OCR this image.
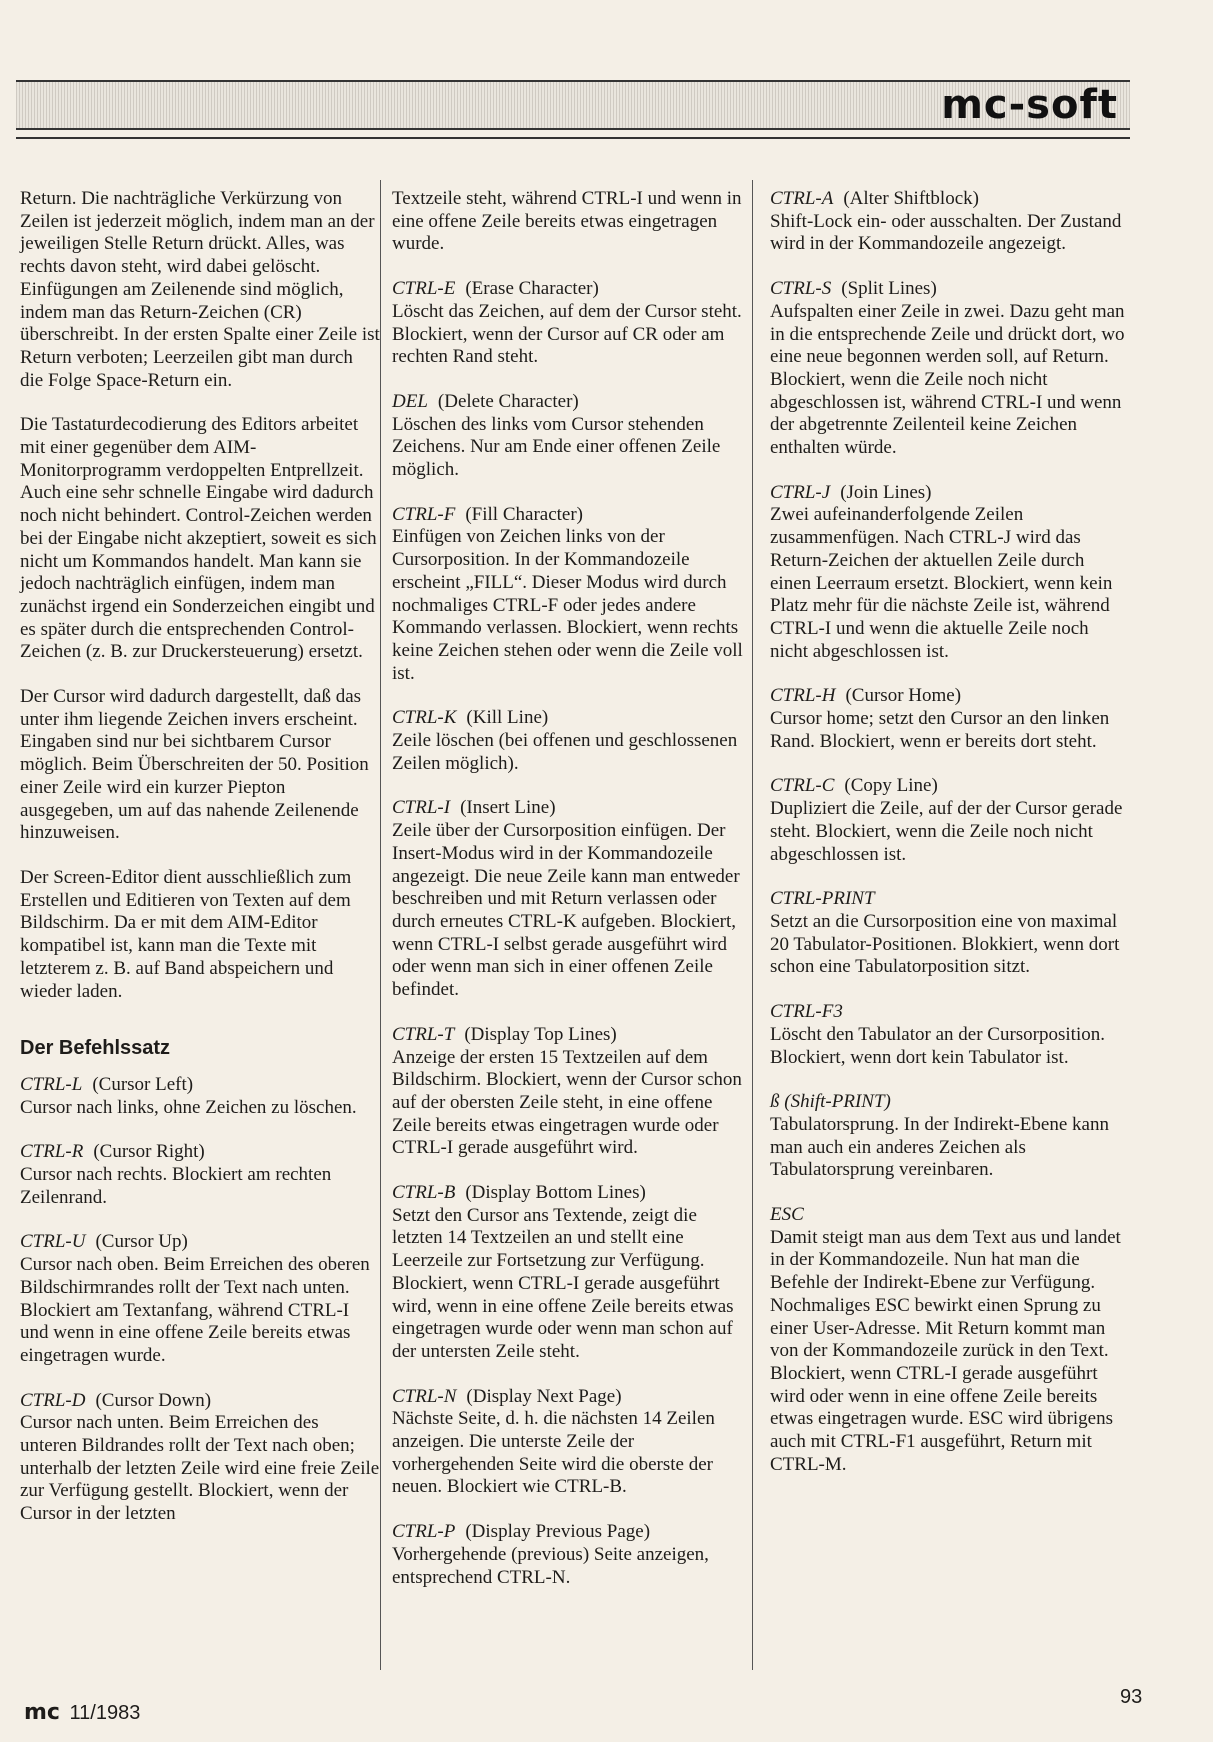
mc-soft

Return. Die nachträgliche Verkürzung von Zeilen ist jederzeit möglich, indem man an der jeweiligen Stelle Return drückt. Alles, was rechts davon steht, wird dabei gelöscht. Einfügungen am Zeilenende sind möglich, indem man das Return-Zeichen (CR) überschreibt. In der ersten Spalte einer Zeile ist Return verboten; Leerzeilen gibt man durch die Folge Space-Return ein.

Die Tastaturdecodierung des Editors arbeitet mit einer gegenüber dem AIM-Monitorprogramm verdoppelten Entprellzeit. Auch eine sehr schnelle Eingabe wird dadurch noch nicht behindert. Control-Zeichen werden bei der Eingabe nicht akzeptiert, soweit es sich nicht um Kommandos handelt. Man kann sie jedoch nachträglich einfügen, indem man zunächst irgend ein Sonderzeichen eingibt und es später durch die entsprechenden Control-Zeichen (z. B. zur Druckersteuerung) ersetzt.

Der Cursor wird dadurch dargestellt, daß das unter ihm liegende Zeichen invers erscheint. Eingaben sind nur bei sichtbarem Cursor möglich. Beim Überschreiten der 50. Position einer Zeile wird ein kurzer Piepton ausgegeben, um auf das nahende Zeilenende hinzuweisen.

Der Screen-Editor dient ausschließlich zum Erstellen und Editieren von Texten auf dem Bildschirm. Da er mit dem AIM-Editor kompatibel ist, kann man die Texte mit letzterem z. B. auf Band abspeichern und wieder laden.

Der Befehlssatz
CTRL-L (Cursor Left)
Cursor nach links, ohne Zeichen zu löschen.
CTRL-R (Cursor Right)
Cursor nach rechts. Blockiert am rechten Zeilenrand.
CTRL-U (Cursor Up)
Cursor nach oben. Beim Erreichen des oberen Bildschirmrandes rollt der Text nach unten. Blockiert am Textanfang, während CTRL-I und wenn in eine offene Zeile bereits etwas eingetragen wurde.
CTRL-D (Cursor Down)
Cursor nach unten. Beim Erreichen des unteren Bildrandes rollt der Text nach oben; unterhalb der letzten Zeile wird eine freie Zeile zur Verfügung gestellt. Blockiert, wenn der Cursor in der letzten

Textzeile steht, während CTRL-I und wenn in eine offene Zeile bereits etwas eingetragen wurde.

CTRL-E (Erase Character)
Löscht das Zeichen, auf dem der Cursor steht. Blockiert, wenn der Cursor auf CR oder am rechten Rand steht.
DEL (Delete Character)
Löschen des links vom Cursor stehenden Zeichens. Nur am Ende einer offenen Zeile möglich.
CTRL-F (Fill Character)
Einfügen von Zeichen links von der Cursorposition. In der Kommandozeile erscheint „FILL“. Dieser Modus wird durch nochmaliges CTRL-F oder jedes andere Kommando verlassen. Blockiert, wenn rechts keine Zeichen stehen oder wenn die Zeile voll ist.
CTRL-K (Kill Line)
Zeile löschen (bei offenen und geschlossenen Zeilen möglich).
CTRL-I (Insert Line)
Zeile über der Cursorposition einfügen. Der Insert-Modus wird in der Kommandozeile angezeigt. Die neue Zeile kann man entweder beschreiben und mit Return verlassen oder durch erneutes CTRL-K aufgeben. Blockiert, wenn CTRL-I selbst gerade ausgeführt wird oder wenn man sich in einer offenen Zeile befindet.
CTRL-T (Display Top Lines)
Anzeige der ersten 15 Textzeilen auf dem Bildschirm. Blockiert, wenn der Cursor schon auf der obersten Zeile steht, in eine offene Zeile bereits etwas eingetragen wurde oder CTRL-I gerade ausgeführt wird.
CTRL-B (Display Bottom Lines)
Setzt den Cursor ans Textende, zeigt die letzten 14 Textzeilen an und stellt eine Leerzeile zur Fortsetzung zur Verfügung. Blockiert, wenn CTRL-I gerade ausgeführt wird, wenn in eine offene Zeile bereits etwas eingetragen wurde oder wenn man schon auf der untersten Zeile steht.
CTRL-N (Display Next Page)
Nächste Seite, d. h. die nächsten 14 Zeilen anzeigen. Die unterste Zeile der vorhergehenden Seite wird die oberste der neuen. Blockiert wie CTRL-B.
CTRL-P (Display Previous Page)
Vorhergehende (previous) Seite anzeigen, entsprechend CTRL-N.
CTRL-A (Alter Shiftblock)
Shift-Lock ein- oder ausschalten. Der Zustand wird in der Kommandozeile angezeigt.
CTRL-S (Split Lines)
Aufspalten einer Zeile in zwei. Dazu geht man in die entsprechende Zeile und drückt dort, wo eine neue begonnen werden soll, auf Return. Blockiert, wenn die Zeile noch nicht abgeschlossen ist, während CTRL-I und wenn der abgetrennte Zeilenteil keine Zeichen enthalten würde.
CTRL-J (Join Lines)
Zwei aufeinanderfolgende Zeilen zusammenfügen. Nach CTRL-J wird das Return-Zeichen der aktuellen Zeile durch einen Leerraum ersetzt. Blockiert, wenn kein Platz mehr für die nächste Zeile ist, während CTRL-I und wenn die aktuelle Zeile noch nicht abgeschlossen ist.
CTRL-H (Cursor Home)
Cursor home; setzt den Cursor an den linken Rand. Blockiert, wenn er bereits dort steht.
CTRL-C (Copy Line)
Dupliziert die Zeile, auf der der Cursor gerade steht. Blockiert, wenn die Zeile noch nicht abgeschlossen ist.
CTRL-PRINT
Setzt an die Cursorposition eine von maximal 20 Tabulator-Positionen. Blokkiert, wenn dort schon eine Tabulatorposition sitzt.
CTRL-F3
Löscht den Tabulator an der Cursorposition. Blockiert, wenn dort kein Tabulator ist.
ß (Shift-PRINT)
Tabulatorsprung. In der Indirekt-Ebene kann man auch ein anderes Zeichen als Tabulatorsprung vereinbaren.
ESC
Damit steigt man aus dem Text aus und landet in der Kommandozeile. Nun hat man die Befehle der Indirekt-Ebene zur Verfügung. Nochmaliges ESC bewirkt einen Sprung zu einer User-Adresse. Mit Return kommt man von der Kommandozeile zurück in den Text. Blockiert, wenn CTRL-I gerade ausgeführt wird oder wenn in eine offene Zeile bereits etwas eingetragen wurde. ESC wird übrigens auch mit CTRL-F1 ausgeführt, Return mit CTRL-M.
mc 11/1983
93
